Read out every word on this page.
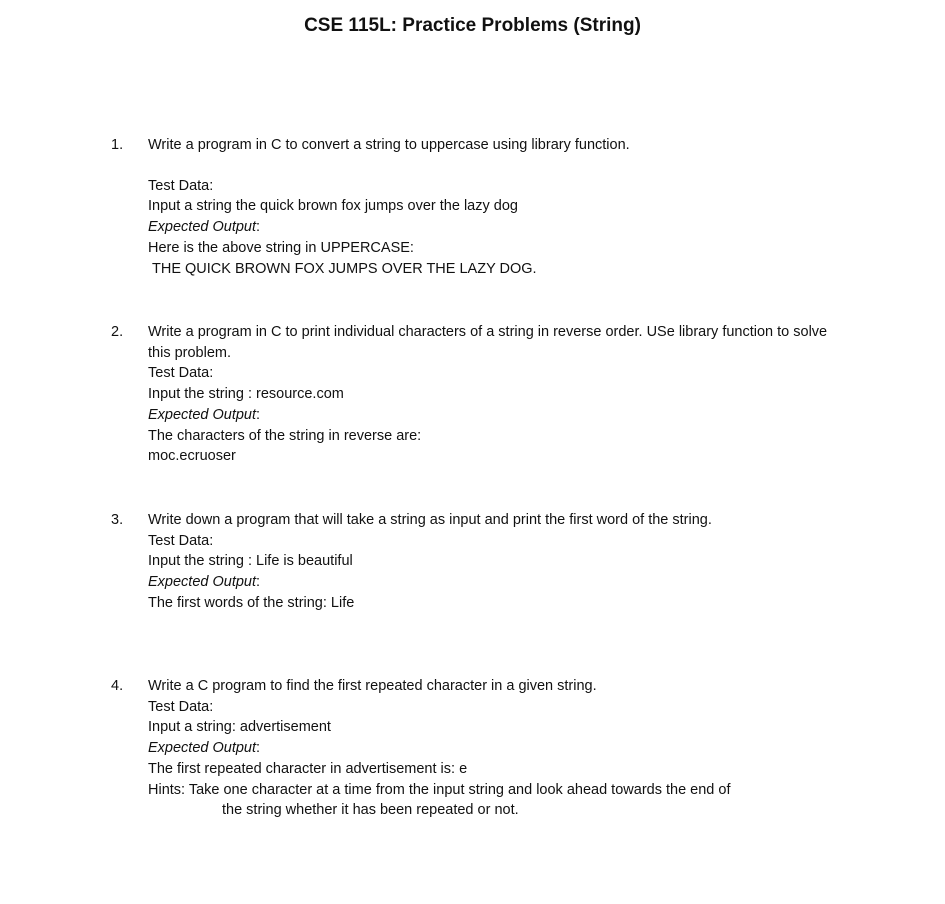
CSE 115L: Practice Problems (String)
1. Write a program in C to convert a string to uppercase using library function.

Test Data:

Input a string the quick brown fox jumps over the lazy dog

Expected Output:

Here is the above string in UPPERCASE:

THE QUICK BROWN FOX JUMPS OVER THE LAZY DOG.

2. Write a program in C to print individual characters of a string in reverse order. USe library function to solve this problem.

Test Data:

Input the string : resource.com

Expected Output:

The characters of the string in reverse are:

moc.ecruoser

3. Write down a program that will take a string as input and print the first word of the string.

Test Data:

Input the string : Life is beautiful

Expected Output:

The first words of the string: Life

4. Write a C program to find the first repeated character in a given string.

Test Data:

Input a string: advertisement

Expected Output:

The first repeated character in advertisement is: e

Hints: Take one character at a time from the input string and look ahead towards the end of

the string whether it has been repeated or not.
